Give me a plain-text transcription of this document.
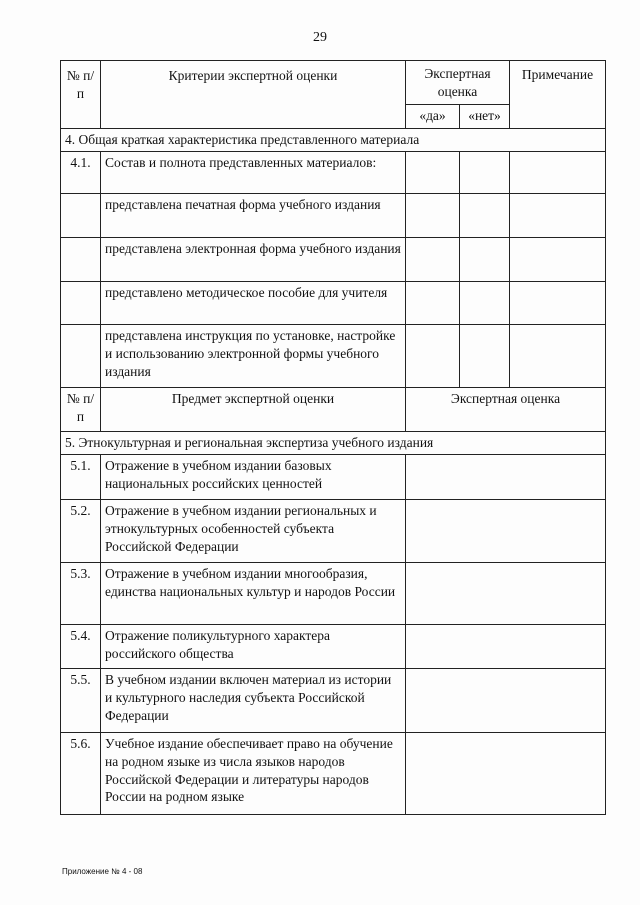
29
№ п/п	Критерии экспертной оценки	Экспертная оценка		Примечание
		«да»	«нет»	
4. Общая краткая характеристика представленного материала				
4.1.	Состав и полнота представленных материалов:			
	представлена печатная форма учебного издания			
	представлена электронная форма учебного издания			
	представлено методическое пособие для учителя			
	представлена инструкция по установке, настройке и использованию электронной формы учебного издания			
№ п/п	Предмет экспертной оценки	Экспертная оценка		
5. Этнокультурная и региональная экспертиза учебного издания				
5.1.	Отражение в учебном издании базовых национальных российских ценностей			
5.2.	Отражение в учебном издании региональных и этнокультурных особенностей субъекта Российской Федерации			
5.3.	Отражение в учебном издании многообразия, единства национальных культур и народов России			
5.4.	Отражение поликультурного характера российского общества			
5.5.	В учебном издании включен материал из истории и культурного наследия субъекта Российской Федерации			
5.6.	Учебное издание обеспечивает право на обучение на родном языке из числа языков народов Российской Федерации и литературы народов России на родном языке			
Приложение № 4 - 08
